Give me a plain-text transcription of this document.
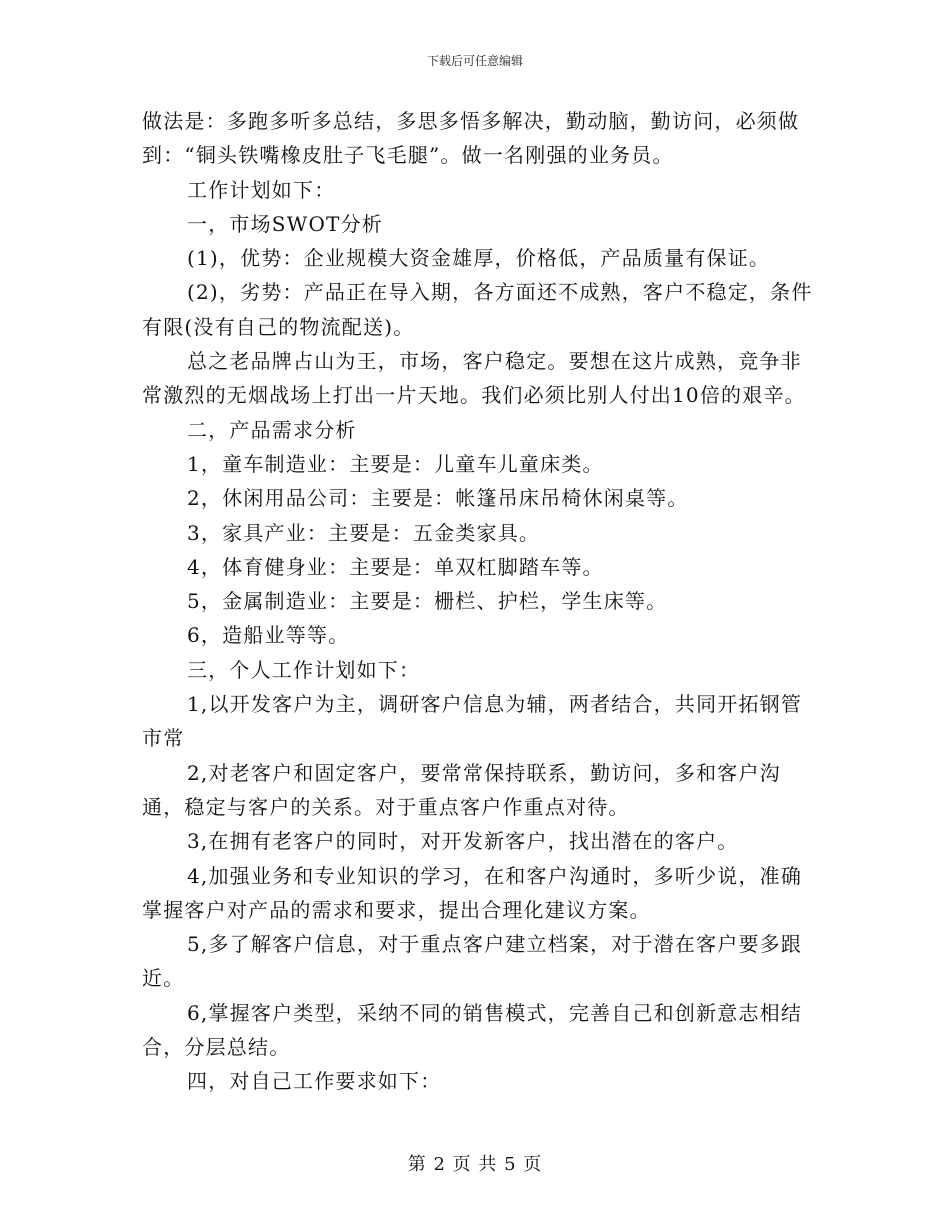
下载后可任意编辑

做法是：多跑多听多总结，多思多悟多解决，勤动脑，勤访问，必须做到：“铜头铁嘴橡皮肚子飞毛腿”。做一名刚强的业务员。

工作计划如下：

一，市场SWOT分析

(1)，优势：企业规模大资金雄厚，价格低，产品质量有保证。

(2)，劣势：产品正在导入期，各方面还不成熟，客户不稳定，条件有限(没有自己的物流配送)。

总之老品牌占山为王，市场，客户稳定。要想在这片成熟，竞争非常激烈的无烟战场上打出一片天地。我们必须比别人付出10倍的艰辛。

二，产品需求分析

1，童车制造业：主要是：儿童车儿童床类。

2，休闲用品公司：主要是：帐篷吊床吊椅休闲桌等。

3，家具产业：主要是：五金类家具。

4，体育健身业：主要是：单双杠脚踏车等。

5，金属制造业：主要是：栅栏、护栏，学生床等。

6，造船业等等。

三，个人工作计划如下：

1,以开发客户为主，调研客户信息为辅，两者结合，共同开拓钢管市常

2,对老客户和固定客户，要常常保持联系，勤访问，多和客户沟通，稳定与客户的关系。对于重点客户作重点对待。

3,在拥有老客户的同时，对开发新客户，找出潜在的客户。

4,加强业务和专业知识的学习，在和客户沟通时，多听少说，准确掌握客户对产品的需求和要求，提出合理化建议方案。

5,多了解客户信息，对于重点客户建立档案，对于潜在客户要多跟近。

6,掌握客户类型，采纳不同的销售模式，完善自己和创新意志相结合，分层总结。

四，对自己工作要求如下：

第 2 页 共 5 页
